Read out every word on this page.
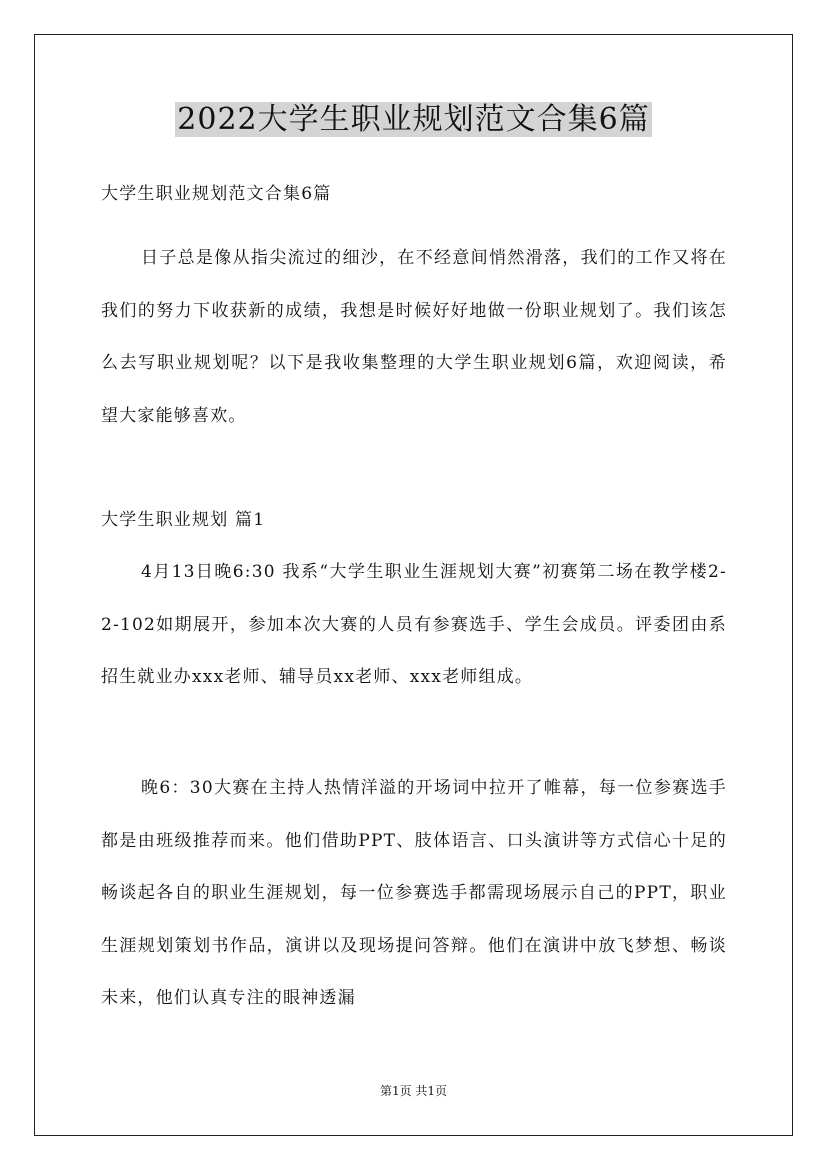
2022大学生职业规划范文合集6篇
大学生职业规划范文合集6篇

日子总是像从指尖流过的细沙，在不经意间悄然滑落，我们的工作又将在我们的努力下收获新的成绩，我想是时候好好地做一份职业规划了。我们该怎么去写职业规划呢？以下是我收集整理的大学生职业规划6篇，欢迎阅读，希望大家能够喜欢。

大学生职业规划 篇1

4月13日晚6:30 我系“大学生职业生涯规划大赛”初赛第二场在教学楼2-2-102如期展开，参加本次大赛的人员有参赛选手、学生会成员。评委团由系招生就业办xxx老师、辅导员xx老师、xxx老师组成。

晚6：30大赛在主持人热情洋溢的开场词中拉开了帷幕，每一位参赛选手都是由班级推荐而来。他们借助PPT、肢体语言、口头演讲等方式信心十足的畅谈起各自的职业生涯规划，每一位参赛选手都需现场展示自己的PPT，职业生涯规划策划书作品，演讲以及现场提问答辩。他们在演讲中放飞梦想、畅谈未来，他们认真专注的眼神透漏

第1页 共1页
